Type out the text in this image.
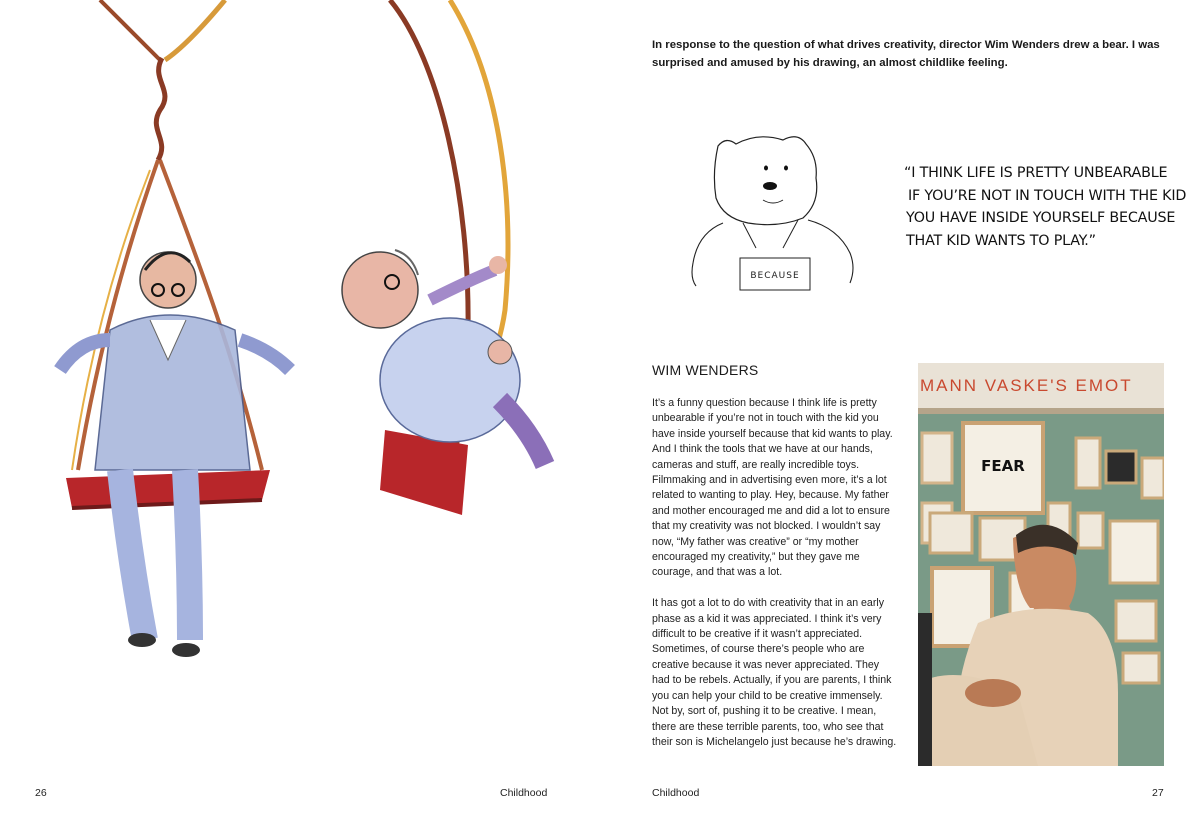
26	Childhood

In response to the question of what drives creativity, director Wim Wenders drew a bear. I was surprised and amused by his drawing, an almost childlike feeling.

BECAUSE

“I THINK LIFE IS PRETTY UNBEARABLE
IF YOU’RE NOT IN TOUCH WITH THE KID
YOU HAVE INSIDE YOURSELF BECAUSE
THAT KID WANTS TO PLAY.”

WIM WENDERS

It’s a funny question because I think life is pretty unbearable if you’re not in touch with the kid you have inside yourself because that kid wants to play. And I think the tools that we have at our hands, cameras and stuff, are really incredible toys. Filmmaking and in advertising even more, it’s a lot related to wanting to play. Hey, because. My father and mother encouraged me and did a lot to ensure that my creativity was not blocked. I wouldn’t say now, “My father was creative” or “my mother encouraged my creativity,” but they gave me courage, and that was a lot.

It has got a lot to do with creativity that in an early phase as a kid it was appreciated. I think it’s very difficult to be creative if it wasn’t appreciated. Sometimes, of course there’s people who are creative because it was never appreciated. They had to be rebels. Actually, if you are parents, I think you can help your child to be creative immensely. Not by, sort of, pushing it to be creative. I mean, there are these terrible parents, too, who see that their son is Michelangelo just because he’s drawing.

MANN VASKE'S EMOT
FEAR

Childhood	27
